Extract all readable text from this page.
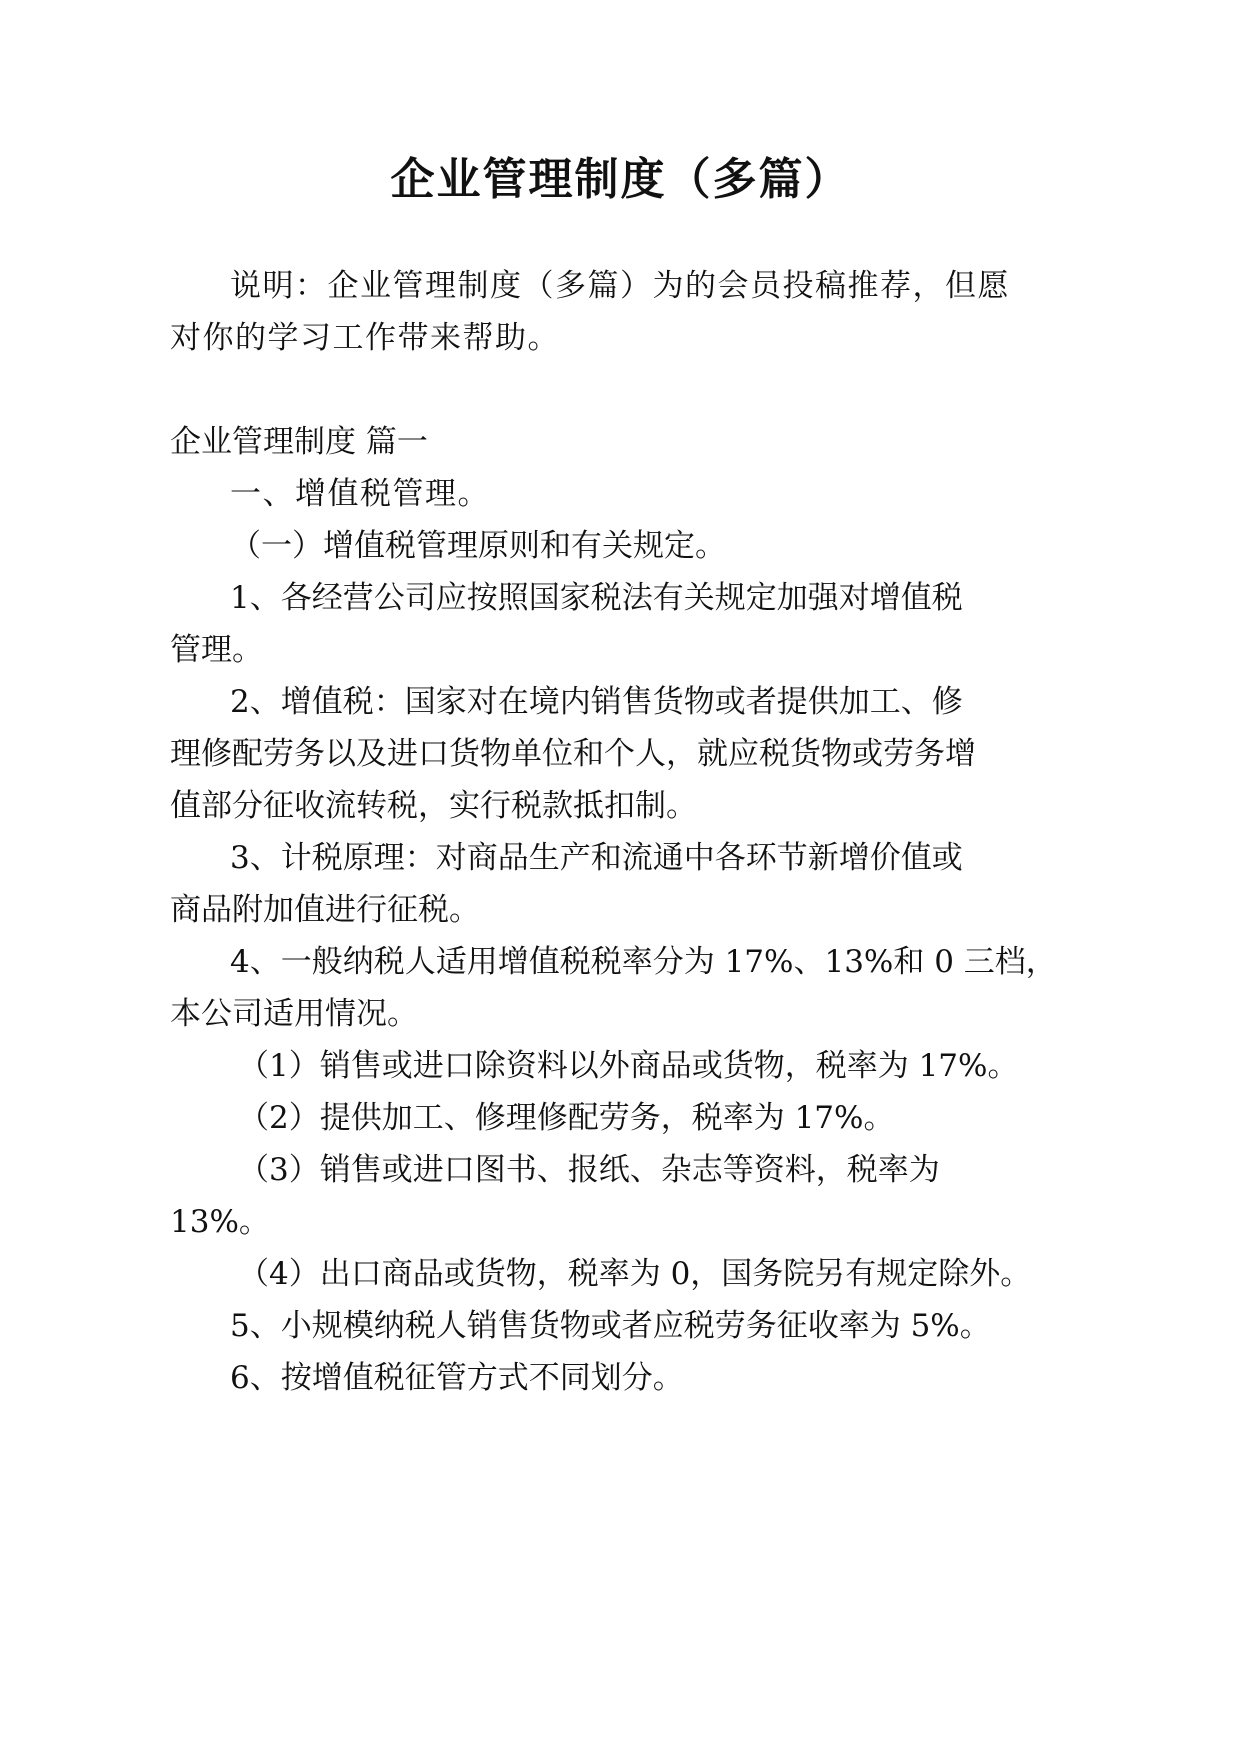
企业管理制度（多篇）
说明：企业管理制度（多篇）为的会员投稿推荐，但愿
对你的学习工作带来帮助。
企业管理制度 篇一
一、增值税管理。
（一）增值税管理原则和有关规定。
1、各经营公司应按照国家税法有关规定加强对增值税
管理。
2、增值税：国家对在境内销售货物或者提供加工、修
理修配劳务以及进口货物单位和个人，就应税货物或劳务增
值部分征收流转税，实行税款抵扣制。
3、计税原理：对商品生产和流通中各环节新增价值或
商品附加值进行征税。
4、一般纳税人适用增值税税率分为 17%、13%和 0 三档，
本公司适用情况。
（1）销售或进口除资料以外商品或货物，税率为 17%。
（2）提供加工、修理修配劳务，税率为 17%。
（3）销售或进口图书、报纸、杂志等资料，税率为
13%。
（4）出口商品或货物，税率为 0，国务院另有规定除外。
5、小规模纳税人销售货物或者应税劳务征收率为 5%。
6、按增值税征管方式不同划分。
